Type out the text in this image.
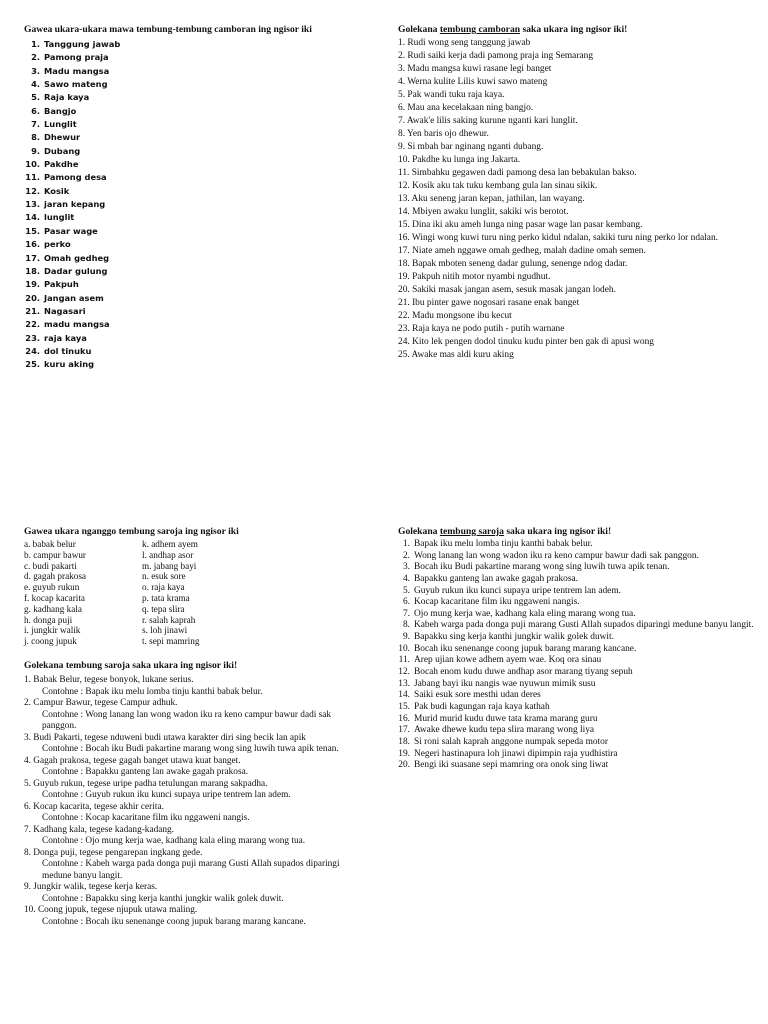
Gawea ukara-ukara mawa tembung-tembung camboran ing ngisor iki
1. Tanggung jawab
2. Pamong praja
3. Madu mangsa
4. Sawo mateng
5. Raja kaya
6. Bangjo
7. Lunglit
8. Dhewur
9. Dubang
10. Pakdhe
11. Pamong desa
12. Kosik
13. jaran kepang
14. lunglit
15. Pasar wage
16. perko
17. Omah gedheg
18. Dadar gulung
19. Pakpuh
20. Jangan asem
21. Nagasari
22. madu mangsa
23. raja kaya
24. dol tinuku
25. kuru aking
Golekana tembung camboran saka ukara ing ngisor iki!
1. Rudi wong seng tanggung jawab
2. Rudi saiki kerja dadi pamong praja ing Semarang
3. Madu mangsa kuwi rasane legi banget
4. Werna kulite Lilis kuwi sawo mateng
5. Pak wandi tuku raja kaya.
6. Mau ana kecelakaan ning bangjo.
7. Awak'e lilis saking kurune nganti kari lunglit.
8. Yen baris ojo dhewur.
9. Si mbah bar nginang nganti dubang.
10. Pakdhe ku lunga ing Jakarta.
11. Simbahku gegawen dadi pamong desa lan bebakulan bakso.
12. Kosik aku tak tuku kembang gula lan sinau sikik.
13. Aku seneng jaran kepan, jathilan, lan wayang.
14. Mbiyen awaku lunglit, sakiki wis berotot.
15. Dina iki aku ameh lunga ning pasar wage lan pasar kembang.
16. Wingi wong kuwi turu ning perko kidul ndalan, sakiki turu ning perko lor ndalan.
17. Niate ameh nggawe omah gedheg, malah dadine omah semen.
18. Bapak mboten seneng dadar gulung, senenge ndog dadar.
19. Pakpuh nitih motor nyambi ngudhut.
20. Sakiki masak jangan asem, sesuk masak jangan lodeh.
21. Ibu pinter gawe nogosari rasane enak banget
22. Madu mongsone ibu kecut
23. Raja kaya ne podo putih - putih warnane
24. Kito lek pengen dodol tinuku kudu pinter ben gak di apusi wong
25. Awake mas aldi kuru aking
Gawea ukara nganggo tembung saroja ing ngisor iki
a. babak belur
b. campur bawur
c. budi pakarti
d. gagah prakosa
e. guyub rukun
f. kocap kacarita
g. kadhang kala
h. donga puji
i. jungkir walik
j. coong jupuk
k. adhem ayem
l. andhap asor
m. jabang bayi
n. esuk sore
o. raja kaya
p. tata krama
q. tepa slira
r. salah kaprah
s. loh jinawi
t. sepi mamring
Golekana tembung saroja saka ukara ing ngisor iki!
1. Babak Belur, tegese bonyok, lukane serius.
Contohne : Bapak iku melu lomba tinju kanthi babak belur.
2. Campur Bawur, tegese Campur adhuk.
Contohne : Wong lanang lan wong wadon iku ra keno campur bawur dadi sak
panggon.
3. Budi Pakarti, tegese nduweni budi utawa karakter diri sing becik lan apik
Contohne : Bocah iku Budi pakartine marang wong sing luwih tuwa apik tenan.
4. Gagah prakosa, tegese gagah banget utawa kuat banget.
Contohne : Bapakku ganteng lan awake gagah prakosa.
5. Guyub rukun, tegese uripe padha tetulungan marang sakpadha.
Contohne : Guyub rukun iku kunci supaya uripe tentrem lan adem.
6. Kocap kacarita, tegese akhir cerita.
Contohne : Kocap kacaritane film iku nggaweni nangis.
7. Kadhang kala, tegese kadang-kadang.
Contohne : Ojo mung kerja wae, kadhang kala eling marang wong tua.
8. Donga puji, tegese pengarepan ingkang gede.
Contohne : Kabeh warga pada donga puji marang Gusti Allah supados diparingi
medune banyu langit.
9. Jungkir walik, tegese kerja keras.
Contohne : Bapakku sing kerja kanthi jungkir walik golek duwit.
10. Coong jupuk, tegese njupuk utawa maling.
Contohne : Bocah iku senenange coong jupuk barang marang kancane.
Golekana tembung saroja saka ukara ing ngisor iki!
1. Bapak iku melu lomba tinju kanthi babak belur.
2. Wong lanang lan wong wadon iku ra keno campur bawur dadi sak panggon.
3. Bocah iku Budi pakartine marang wong sing luwih tuwa apik tenan.
4. Bapakku ganteng lan awake gagah prakosa.
5. Guyub rukun iku kunci supaya uripe tentrem lan adem.
6. Kocap kacaritane film iku nggaweni nangis.
7. Ojo mung kerja wae, kadhang kala eling marang wong tua.
8. Kabeh warga pada donga puji marang Gusti Allah supados diparingi medune banyu langit.
9. Bapakku sing kerja kanthi jungkir walik golek duwit.
10. Bocah iku senenange coong jupuk barang marang kancane.
11. Arep ujian kowe adhem ayem wae. Koq ora sinau
12. Bocah enom kudu duwe andhap asor marang tiyang sepuh
13. Jabang bayi iku nangis wae nyuwun mimik susu
14. Saiki esuk sore mesthi udan deres
15. Pak budi kagungan raja kaya kathah
16. Murid murid kudu duwe tata krama marang guru
17. Awake dhewe kudu tepa slira marang wong liya
18. Si roni salah kaprah anggone numpak sepeda motor
19. Negeri hastinapura loh jinawi dipimpin raja yudhistira
20. Bengi iki suasane sepi mamring ora onok sing liwat
